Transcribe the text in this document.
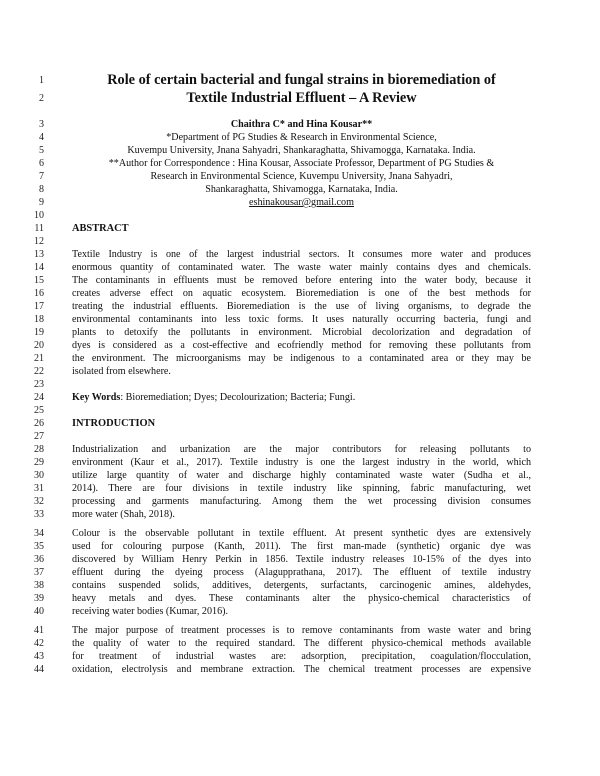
1
2
3
4
5
6
7
8
9
10
11
12
13
14
15
16
17
18
19
20
21
22
23
24
25
26
27
28
29
30
31
32
33
34
35
36
37
38
39
40
41
42
43
44
Role of certain bacterial and fungal strains in bioremediation of
Textile Industrial Effluent – A Review
Chaithra C* and Hina Kousar**
*Department of PG Studies & Research in Environmental Science,
Kuvempu University, Jnana Sahyadri, Shankaraghatta, Shivamogga, Karnataka. India.
**Author for Correspondence : Hina Kousar, Associate Professor, Department of PG Studies &
Research in Environmental Science, Kuvempu University, Jnana Sahyadri,
Shankaraghatta, Shivamogga, Karnataka, India.
eshinakousar@gmail.com
ABSTRACT
Textile Industry is one of the largest industrial sectors. It consumes more water and produces
enormous quantity of contaminated water. The waste water mainly contains dyes and chemicals.
The contaminants in effluents must be removed before entering into the water body, because it
creates adverse effect on aquatic ecosystem. Bioremediation is one of the best methods for
treating the industrial effluents. Bioremediation is the use of living organisms, to degrade the
environmental contaminants into less toxic forms. It uses naturally occurring bacteria, fungi and
plants to detoxify the pollutants in environment. Microbial decolorization and degradation of
dyes is considered as a cost-effective and ecofriendly method for removing these pollutants from
the environment. The microorganisms may be indigenous to a contaminated area or they may be
isolated from elsewhere.
Key Words: Bioremediation; Dyes; Decolourization; Bacteria; Fungi.
INTRODUCTION
Industrialization and urbanization are the major contributors for releasing pollutants to
environment (Kaur et al., 2017). Textile industry is one the largest industry in the world, which
utilize large quantity of water and discharge highly contaminated waste water (Sudha et al.,
2014). There are four divisions in textile industry like spinning, fabric manufacturing, wet
processing and garments manufacturing. Among them the wet processing division consumes
more water (Shah, 2018).
Colour is the observable pollutant in textile effluent. At present synthetic dyes are extensively
used for colouring purpose (Kanth, 2011). The first man-made (synthetic) organic dye was
discovered by William Henry Perkin in 1856. Textile industry releases 10-15% of the dyes into
effluent during the dyeing process (Alagupprathana, 2017). The effluent of textile industry
contains suspended solids, additives, detergents, surfactants, carcinogenic amines, aldehydes,
heavy metals and dyes. These contaminants alter the physico-chemical characteristics of
receiving water bodies (Kumar, 2016).
The major purpose of treatment processes is to remove contaminants from waste water and bring
the quality of water to the required standard. The different physico-chemical methods available
for treatment of industrial wastes are: adsorption, precipitation, coagulation/flocculation,
oxidation, electrolysis and membrane extraction. The chemical treatment processes are expensive
